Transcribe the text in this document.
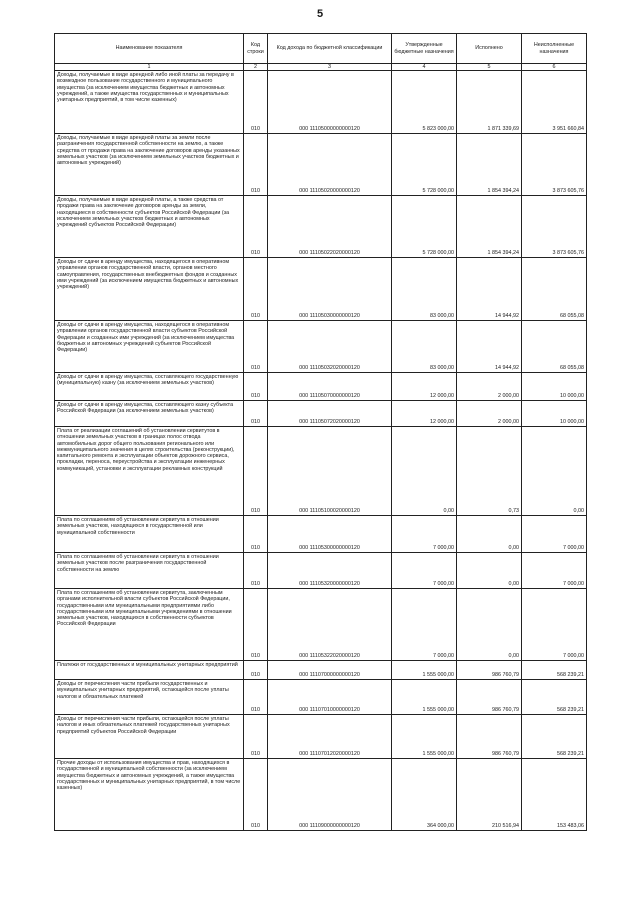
5
Наименование показателя	Код строки	Код дохода по бюджетной классификации	Утвержденные бюджетные назначения	Исполнено	Неисполненные назначения
1	2	3	4	5	6
Доходы, получаемые в виде арендной либо иной платы за передачу в возмездное пользование государственного и муниципального имущества (за исключением имущества бюджетных и автономных учреждений, а также имущества государственных и муниципальных унитарных предприятий, в том числе казенных)	010	000 11105000000000120	5 823 000,00	1 871 339,69	3 951 660,84
Доходы, получаемые в виде арендной платы за земли после разграничения государственной собственности на землю, а также средства от продажи права на заключение договоров аренды указанных земельных участков (за исключением земельных участков бюджетных и автономных учреждений)	010	000 11105020000000120	5 728 000,00	1 854 394,24	3 873 605,76
Доходы, получаемые в виде арендной платы, а также средства от продажи права на заключение договоров аренды за земли, находящиеся в собственности субъектов Российской Федерации (за исключением земельных участков бюджетных и автономных учреждений субъектов Российской Федерации)	010	000 11105022020000120	5 728 000,00	1 854 394,24	3 873 605,76
Доходы от сдачи в аренду имущества, находящегося в оперативном управлении органов государственной власти, органов местного самоуправления, государственных внебюджетных фондов и созданных ими учреждений (за исключением имущества бюджетных и автономных учреждений)	010	000 11105030000000120	83 000,00	14 944,92	68 055,08
Доходы от сдачи в аренду имущества, находящегося в оперативном управлении органов государственной власти субъектов Российской Федерации и созданных ими учреждений (за исключением имущества бюджетных и автономных учреждений субъектов Российской Федерации)	010	000 11105032020000120	83 000,00	14 944,92	68 055,08
Доходы от сдачи в аренду имущества, составляющего государственную (муниципальную) казну (за исключением земельных участков)	010	000 11105070000000120	12 000,00	2 000,00	10 000,00
Доходы от сдачи в аренду имущества, составляющего казну субъекта Российской Федерации (за исключением земельных участков)	010	000 11105072020000120	12 000,00	2 000,00	10 000,00
Плата от реализации соглашений об установлении сервитутов в отношении земельных участков в границах полос отвода автомобильных дорог общего пользования регионального или межмуниципального значения в целях строительства (реконструкции), капитального ремонта и эксплуатации объектов дорожного сервиса, прокладки, переноса, переустройства и эксплуатации инженерных коммуникаций, установки и эксплуатации рекламных конструкций	010	000 11105100020000120	0,00	0,73	0,00
Плата по соглашениям об установлении сервитута в отношении земельных участков, находящихся в государственной или муниципальной собственности	010	000 11105300000000120	7 000,00	0,00	7 000,00
Плата по соглашениям об установлении сервитута в отношении земельных участков после разграничения государственной собственности на землю	010	000 11105320000000120	7 000,00	0,00	7 000,00
Плата по соглашениям об установлении сервитута, заключенным органами исполнительной власти субъектов Российской Федерации, государственными или муниципальными предприятиями либо государственными или муниципальными учреждениями в отношении земельных участков, находящихся в собственности субъектов Российской Федерации	010	000 11105322020000120	7 000,00	0,00	7 000,00
Платежи от государственных и муниципальных унитарных предприятий	010	000 11107000000000120	1 555 000,00	986 760,79	568 239,21
Доходы от перечисления части прибыли государственных и муниципальных унитарных предприятий, остающейся после уплаты налогов и обязательных платежей	010	000 11107010000000120	1 555 000,00	986 760,79	568 239,21
Доходы от перечисления части прибыли, остающейся после уплаты налогов и иных обязательных платежей государственных унитарных предприятий субъектов Российской Федерации	010	000 11107012020000120	1 555 000,00	986 760,79	568 239,21
Прочие доходы от использования имущества и прав, находящихся в государственной и муниципальной собственности (за исключением имущества бюджетных и автономных учреждений, а также имущества государственных и муниципальных унитарных предприятий, в том числе казенных)	010	000 11109000000000120	364 000,00	210 516,94	153 483,06
